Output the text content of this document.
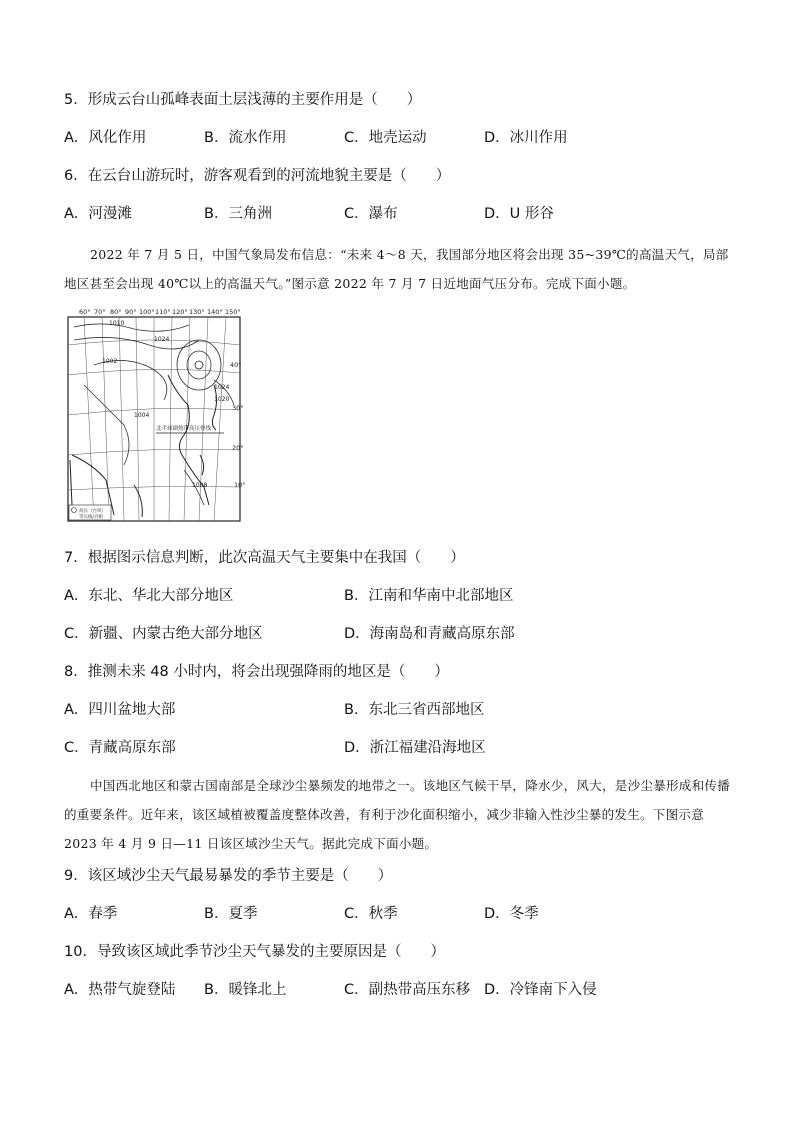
5．形成云台山孤峰表面土层浅薄的主要作用是（　　）
A．风化作用	B．流水作用	C．地壳运动	D．冰川作用
6．在云台山游玩时，游客观看到的河流地貌主要是（　　）
A．河漫滩	B．三角洲	C．瀑布	D．U 形谷
2022 年 7 月 5 日，中国气象局发布信息：“未来 4～8 天，我国部分地区将会出现 35~39℃的高温天气，局部地区甚至会出现 40℃以上的高温天气。”图示意 2022 年 7 月 7 日近地面气压分布。完成下面小题。
60° 70° 80° 90° 100° 110° 120° 130° 140° 150°
40°
30°
20°
10°
1010
1024
1002
1024
1020
1004
1008
北半球副热带高压脊线
高压（台风）
等压线/百帕
7．根据图示信息判断，此次高温天气主要集中在我国（　　）
A．东北、华北大部分地区	B．江南和华南中北部地区
C．新疆、内蒙古绝大部分地区	D．海南岛和青藏高原东部
8．推测未来 48 小时内，将会出现强降雨的地区是（　　）
A．四川盆地大部	B．东北三省西部地区
C．青藏高原东部	D．浙江福建沿海地区
中国西北地区和蒙古国南部是全球沙尘暴频发的地带之一。该地区气候干旱，降水少，风大，是沙尘暴形成和传播的重要条件。近年来，该区域植被覆盖度整体改善，有利于沙化面积缩小，减少非输入性沙尘暴的发生。下图示意 2023 年 4 月 9 日—11 日该区域沙尘天气。据此完成下面小题。
9．该区域沙尘天气最易暴发的季节主要是（　　）
A．春季	B．夏季	C．秋季	D．冬季
10．导致该区域此季节沙尘天气暴发的主要原因是（　　）
A．热带气旋登陆 B．暖锋北上	C．副热带高压东移 D．冷锋南下入侵
